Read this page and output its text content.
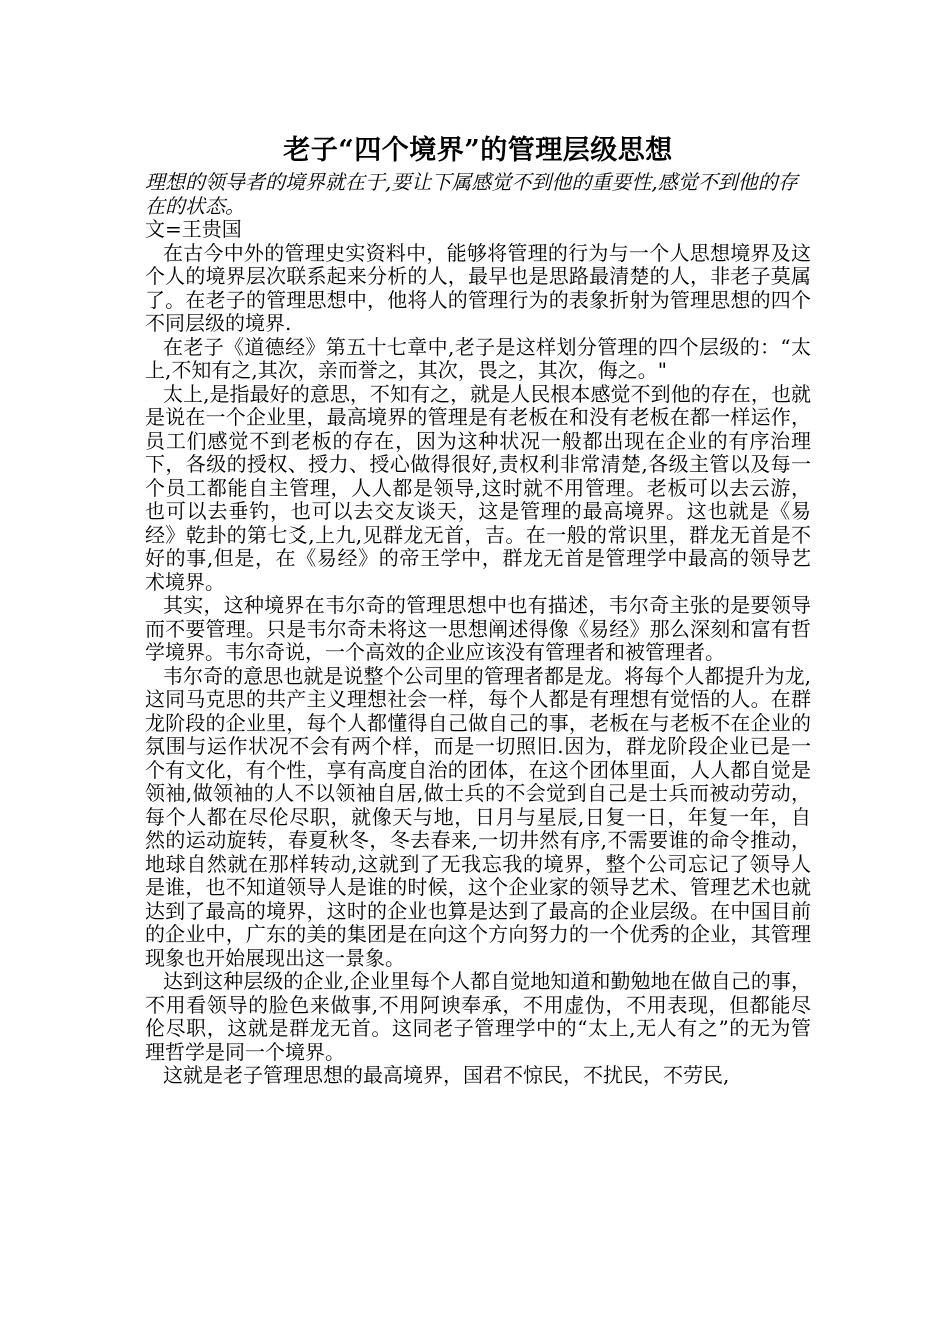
老子“四个境界”的管理层级思想

理想的领导者的境界就在于,要让下属感觉不到他的重要性,感觉不到他的存在的状态。

文=王贵国

在古今中外的管理史实资料中，能够将管理的行为与一个人思想境界及这个人的境界层次联系起来分析的人，最早也是思路最清楚的人，非老子莫属了。在老子的管理思想中，他将人的管理行为的表象折射为管理思想的四个不同层级的境界.

在老子《道德经》第五十七章中,老子是这样划分管理的四个层级的：“太上,不知有之,其次，亲而誉之，其次，畏之，其次，侮之。"

太上,是指最好的意思，不知有之，就是人民根本感觉不到他的存在，也就是说在一个企业里，最高境界的管理是有老板在和没有老板在都一样运作，员工们感觉不到老板的存在，因为这种状况一般都出现在企业的有序治理下，各级的授权、授力、授心做得很好,责权利非常清楚,各级主管以及每一个员工都能自主管理，人人都是领导,这时就不用管理。老板可以去云游，也可以去垂钓，也可以去交友谈天，这是管理的最高境界。这也就是《易经》乾卦的第七爻,上九,见群龙无首，吉。在一般的常识里，群龙无首是不好的事,但是，在《易经》的帝王学中，群龙无首是管理学中最高的领导艺术境界。

其实，这种境界在韦尔奇的管理思想中也有描述，韦尔奇主张的是要领导而不要管理。只是韦尔奇未将这一思想阐述得像《易经》那么深刻和富有哲学境界。韦尔奇说，一个高效的企业应该没有管理者和被管理者。

韦尔奇的意思也就是说整个公司里的管理者都是龙。将每个人都提升为龙,这同马克思的共产主义理想社会一样，每个人都是有理想有觉悟的人。在群龙阶段的企业里，每个人都懂得自己做自己的事，老板在与老板不在企业的氛围与运作状况不会有两个样，而是一切照旧.因为，群龙阶段企业已是一个有文化，有个性，享有高度自治的团体，在这个团体里面，人人都自觉是领袖,做领袖的人不以领袖自居,做士兵的不会觉到自己是士兵而被动劳动，每个人都在尽伦尽职，就像天与地，日月与星辰,日复一日，年复一年，自然的运动旋转，春夏秋冬，冬去春来,一切井然有序,不需要谁的命令推动，地球自然就在那样转动,这就到了无我忘我的境界，整个公司忘记了领导人是谁，也不知道领导人是谁的时候，这个企业家的领导艺术、管理艺术也就达到了最高的境界，这时的企业也算是达到了最高的企业层级。在中国目前的企业中，广东的美的集团是在向这个方向努力的一个优秀的企业，其管理现象也开始展现出这一景象。

达到这种层级的企业,企业里每个人都自觉地知道和勤勉地在做自己的事，不用看领导的脸色来做事,不用阿谀奉承，不用虚伪，不用表现，但都能尽伦尽职，这就是群龙无首。这同老子管理学中的“太上,无人有之”的无为管理哲学是同一个境界。

这就是老子管理思想的最高境界，国君不惊民，不扰民，不劳民,
